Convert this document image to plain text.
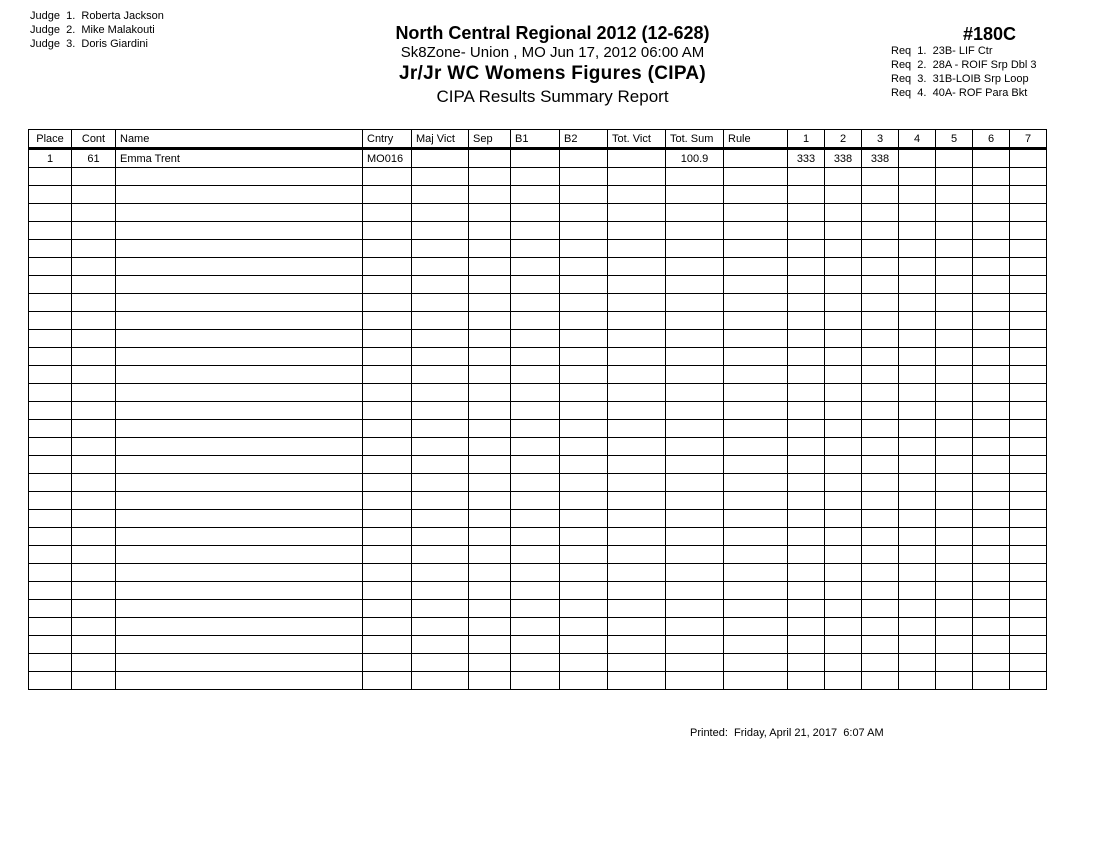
Judge  1.  Roberta Jackson
Judge  2.  Mike Malakouti
Judge  3.  Doris Giardini
North Central Regional 2012 (12-628)
Sk8Zone- Union , MO Jun 17, 2012 06:00 AM
Jr/Jr WC Womens Figures (CIPA)
CIPA Results Summary Report
#180C
Req  1.  23B- LIF Ctr
Req  2.  28A - ROIF Srp Dbl 3
Req  3.  31B-LOIB Srp Loop
Req  4.  40A- ROF Para Bkt
Place	Cont	Name	Cntry	Maj Vict	Sep	B1	B2	Tot. Vict	Tot. Sum	Rule	1	2	3	4	5	6	7
1	61	Emma Trent	MO016						100.9		333	338	338				

Printed:  Friday, April 21, 2017  6:07 AM
